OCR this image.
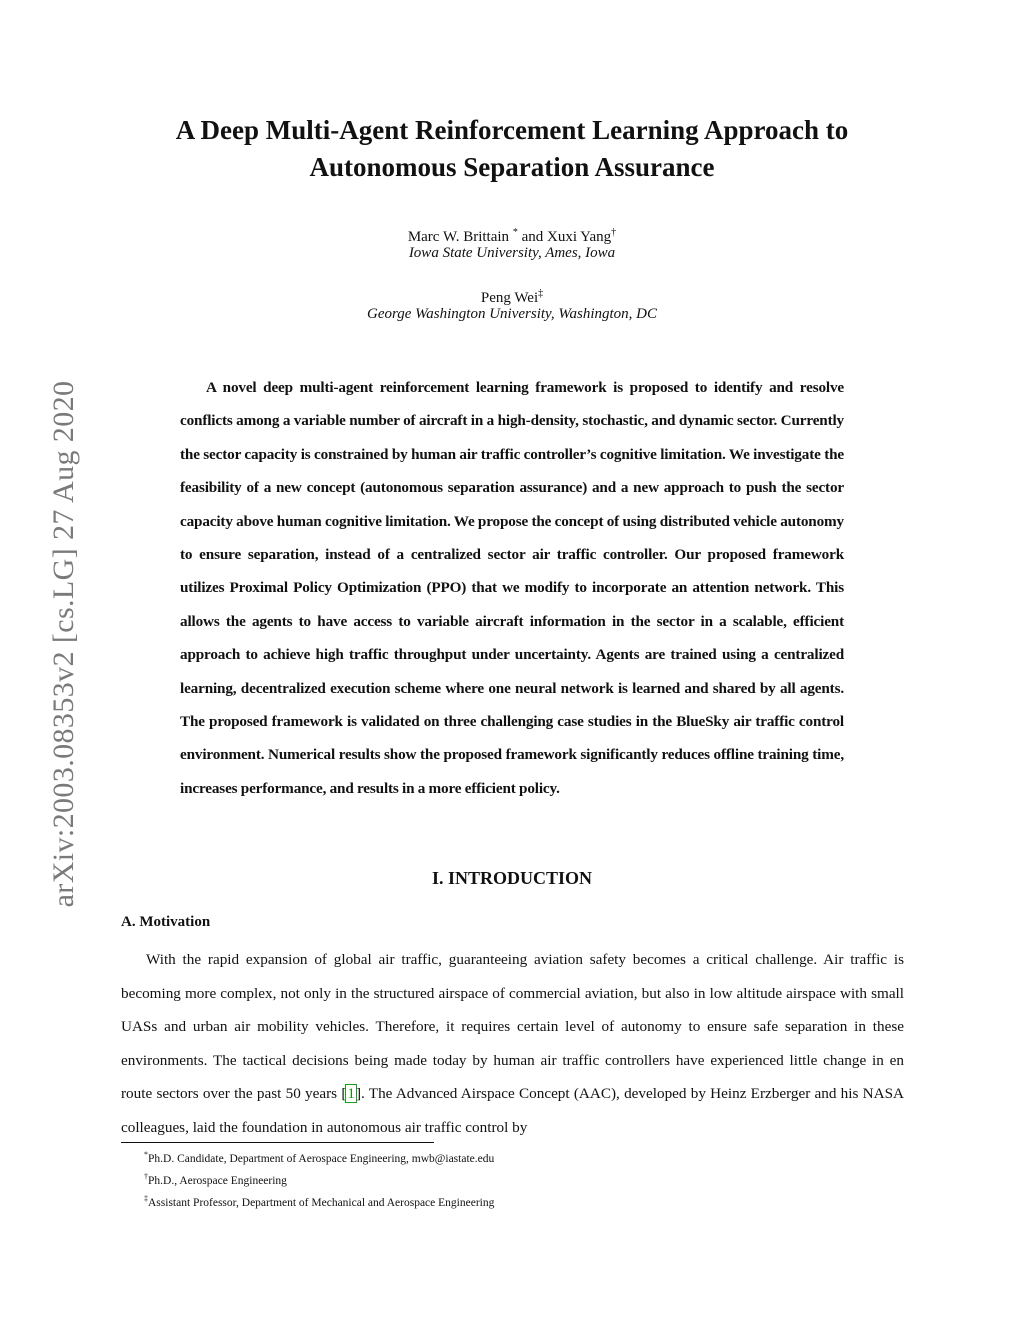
arXiv:2003.08353v2 [cs.LG] 27 Aug 2020
A Deep Multi-Agent Reinforcement Learning Approach to
Autonomous Separation Assurance
Marc W. Brittain * and Xuxi Yang†
Iowa State University, Ames, Iowa
Peng Wei‡
George Washington University, Washington, DC
A novel deep multi-agent reinforcement learning framework is proposed to identify and resolve conflicts among a variable number of aircraft in a high-density, stochastic, and dynamic sector. Currently the sector capacity is constrained by human air traffic controller’s cognitive limitation. We investigate the feasibility of a new concept (autonomous separation assurance) and a new approach to push the sector capacity above human cognitive limitation. We propose the concept of using distributed vehicle autonomy to ensure separation, instead of a centralized sector air traffic controller. Our proposed framework utilizes Proximal Policy Optimization (PPO) that we modify to incorporate an attention network. This allows the agents to have access to variable aircraft information in the sector in a scalable, efficient approach to achieve high traffic throughput under uncertainty. Agents are trained using a centralized learning, decentralized execution scheme where one neural network is learned and shared by all agents. The proposed framework is validated on three challenging case studies in the BlueSky air traffic control environment. Numerical results show the proposed framework significantly reduces offline training time, increases performance, and results in a more efficient policy.
I. INTRODUCTION
A. Motivation
With the rapid expansion of global air traffic, guaranteeing aviation safety becomes a critical challenge. Air traffic is becoming more complex, not only in the structured airspace of commercial aviation, but also in low altitude airspace with small UASs and urban air mobility vehicles. Therefore, it requires certain level of autonomy to ensure safe separation in these environments. The tactical decisions being made today by human air traffic controllers have experienced little change in en route sectors over the past 50 years [1]. The Advanced Airspace Concept (AAC), developed by Heinz Erzberger and his NASA colleagues, laid the foundation in autonomous air traffic control by
*Ph.D. Candidate, Department of Aerospace Engineering, mwb@iastate.edu
†Ph.D., Aerospace Engineering
‡Assistant Professor, Department of Mechanical and Aerospace Engineering
